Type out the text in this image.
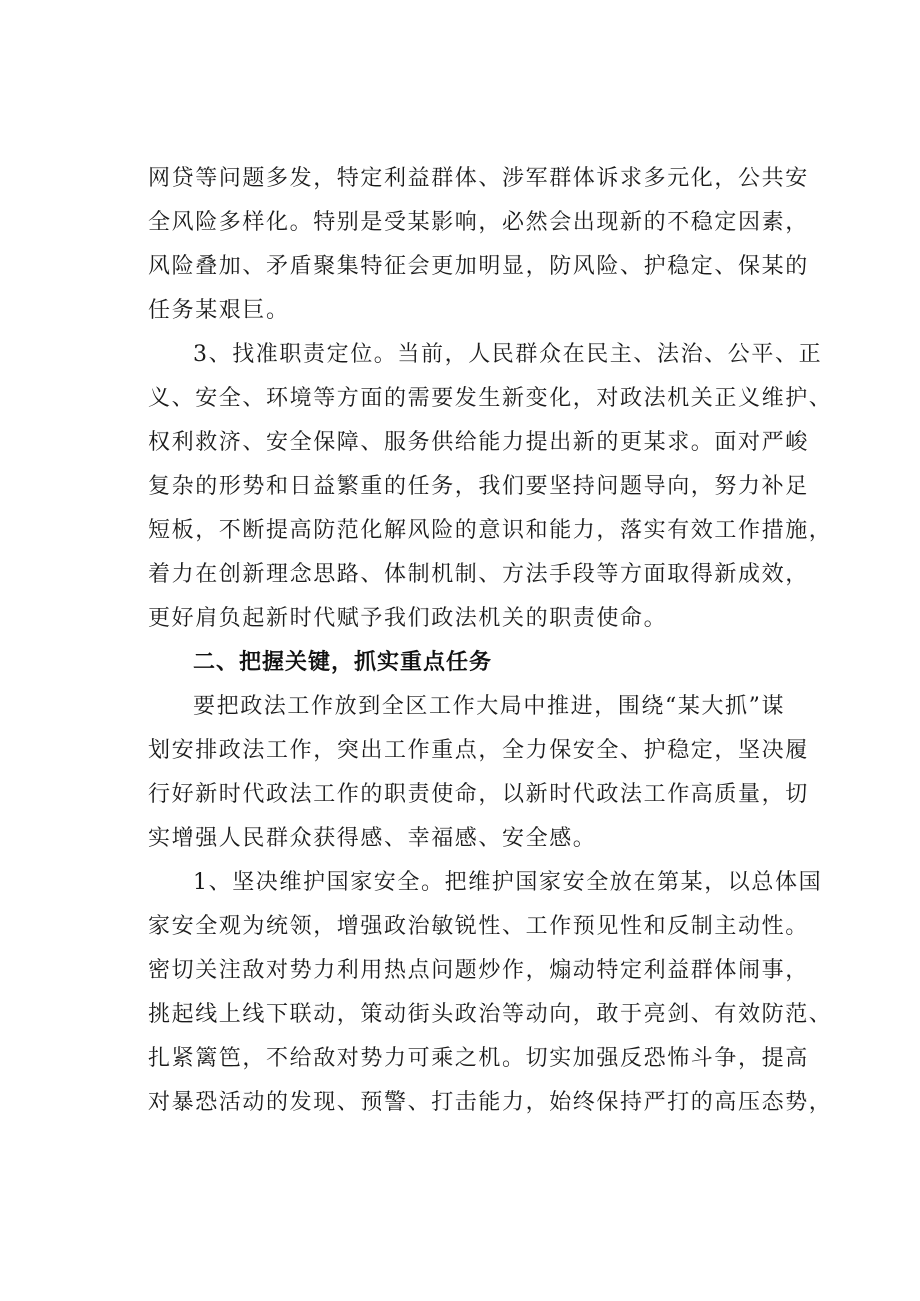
网贷等问题多发，特定利益群体、涉军群体诉求多元化，公共安
全风险多样化。特别是受某影响，必然会出现新的不稳定因素，
风险叠加、矛盾聚集特征会更加明显，防风险、护稳定、保某的
任务某艰巨。
3、找准职责定位。当前，人民群众在民主、法治、公平、正
义、安全、环境等方面的需要发生新变化，对政法机关正义维护、
权利救济、安全保障、服务供给能力提出新的更某求。面对严峻
复杂的形势和日益繁重的任务，我们要坚持问题导向，努力补足
短板，不断提高防范化解风险的意识和能力，落实有效工作措施，
着力在创新理念思路、体制机制、方法手段等方面取得新成效，
更好肩负起新时代赋予我们政法机关的职责使命。
二、把握关键，抓实重点任务
要把政法工作放到全区工作大局中推进，围绕“某大抓”谋
划安排政法工作，突出工作重点，全力保安全、护稳定，坚决履
行好新时代政法工作的职责使命，以新时代政法工作高质量，切
实增强人民群众获得感、幸福感、安全感。
1、坚决维护国家安全。把维护国家安全放在第某，以总体国
家安全观为统领，增强政治敏锐性、工作预见性和反制主动性。
密切关注敌对势力利用热点问题炒作，煽动特定利益群体闹事，
挑起线上线下联动，策动街头政治等动向，敢于亮剑、有效防范、
扎紧篱笆，不给敌对势力可乘之机。切实加强反恐怖斗争，提高
对暴恐活动的发现、预警、打击能力，始终保持严打的高压态势，
